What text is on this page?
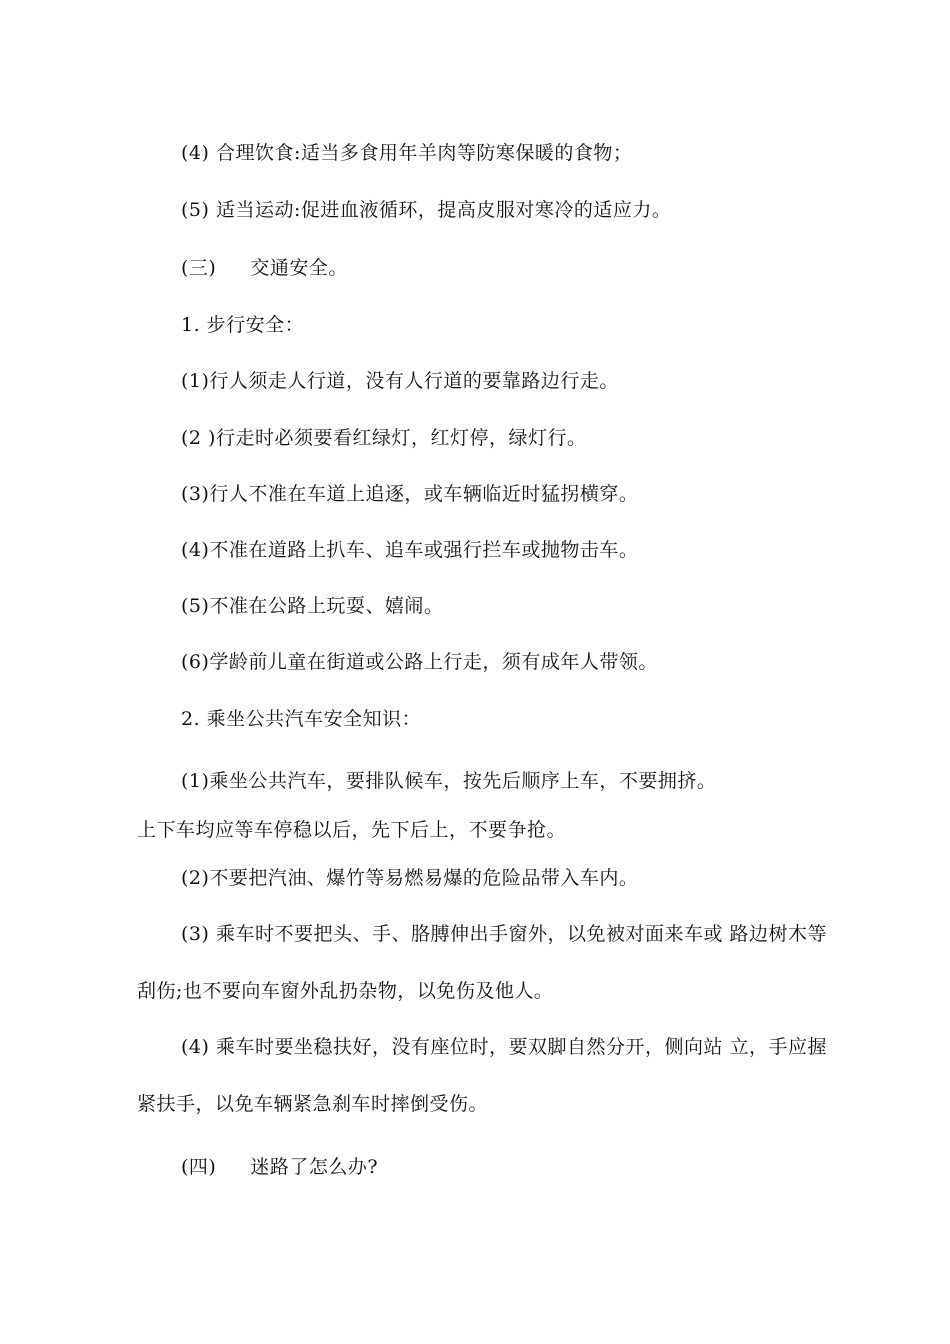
(4) 合理饮食:适当多食用年羊肉等防寒保暖的食物；

(5) 适当运动:促进血液循环，提高皮服对寒冷的适应力。

(三) 交通安全。

1. 步行安全：

(1)行人须走人行道，没有人行道的要靠路边行走。

(2 )行走时必须要看红绿灯，红灯停，绿灯行。

(3)行人不准在车道上追逐，或车辆临近时猛拐横穿。

(4)不准在道路上扒车、追车或强行拦车或抛物击车。

(5)不准在公路上玩耍、嬉闹。

(6)学龄前儿童在街道或公路上行走，须有成年人带领。

2. 乘坐公共汽车安全知识：

(1)乘坐公共汽车，要排队候车，按先后顺序上车，不要拥挤。

上下车均应等车停稳以后，先下后上，不要争抢。

(2)不要把汽油、爆竹等易燃易爆的危险品带入车内。

(3) 乘车时不要把头、手、胳膊伸出手窗外，以免被对面来车或 路边树木等

刮伤;也不要向车窗外乱扔杂物，以免伤及他人。

(4) 乘车时要坐稳扶好，没有座位时，要双脚自然分开，侧向站 立，手应握

紧扶手，以免车辆紧急刹车时摔倒受伤。

(四) 迷路了怎么办?
